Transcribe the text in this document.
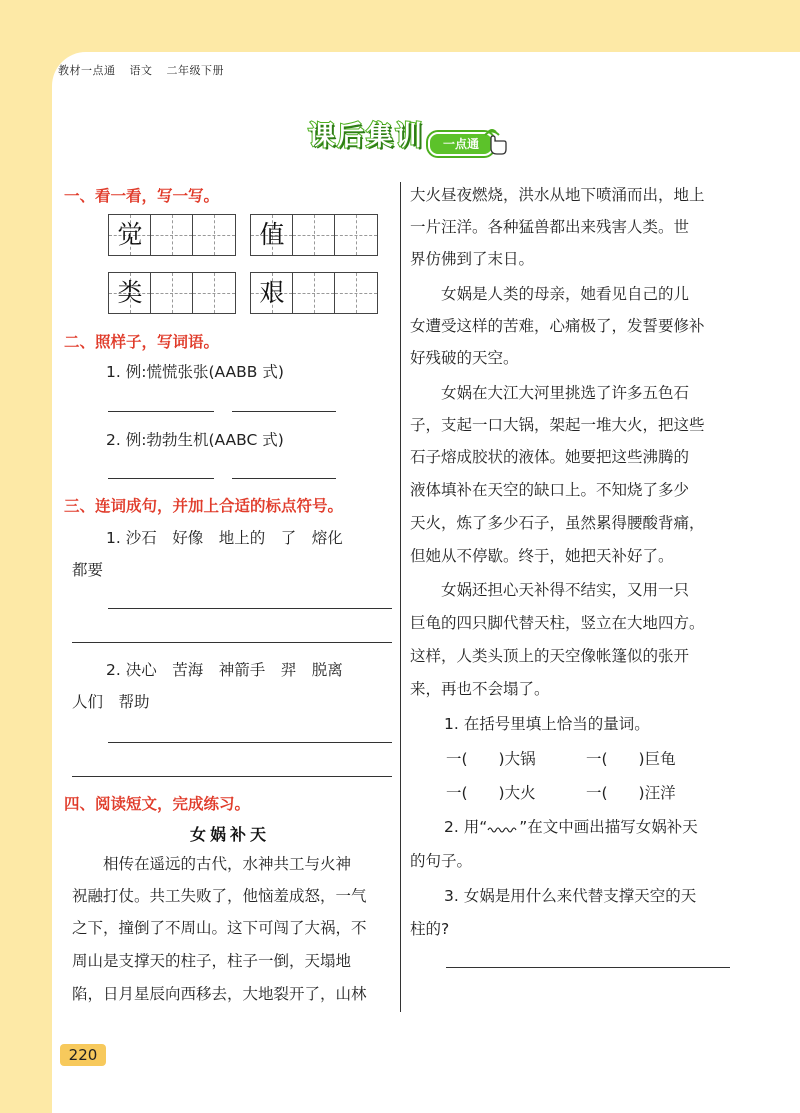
教材一点通 语文 二年级下册
课后集训	一点通
一、看一看，写一写。
觉	值
类	艰
二、照样子，写词语。
1. 例:慌慌张张(AABB 式)
2. 例:勃勃生机(AABC 式)
三、连词成句，并加上合适的标点符号。
1. 沙石　好像　地上的　了　熔化
都要
2. 决心　苦海　神箭手　羿　脱离
人们　帮助
四、阅读短文，完成练习。
女娲补天
　　相传在遥远的古代，水神共工与火神
祝融打仗。共工失败了，他恼羞成怒，一气
之下，撞倒了不周山。这下可闯了大祸，不
周山是支撑天的柱子，柱子一倒，天塌地
陷，日月星辰向西移去，大地裂开了，山林
大火昼夜燃烧，洪水从地下喷涌而出，地上
一片汪洋。各种猛兽都出来残害人类。世
界仿佛到了末日。
　　女娲是人类的母亲，她看见自己的儿
女遭受这样的苦难，心痛极了，发誓要修补
好残破的天空。
　　女娲在大江大河里挑选了许多五色石
子，支起一口大锅，架起一堆大火，把这些
石子熔成胶状的液体。她要把这些沸腾的
液体填补在天空的缺口上。不知烧了多少
天火，炼了多少石子，虽然累得腰酸背痛，
但她从不停歇。终于，她把天补好了。
　　女娲还担心天补得不结实，又用一只
巨龟的四只脚代替天柱，竖立在大地四方。
这样，人类头顶上的天空像帐篷似的张开
来，再也不会塌了。
1. 在括号里填上恰当的量词。
一(　　)大锅	一(　　)巨龟
一(　　)大火	一(　　)汪洋
2. 用“ ”在文中画出描写女娲补天
的句子。
3. 女娲是用什么来代替支撑天空的天
柱的?
220
